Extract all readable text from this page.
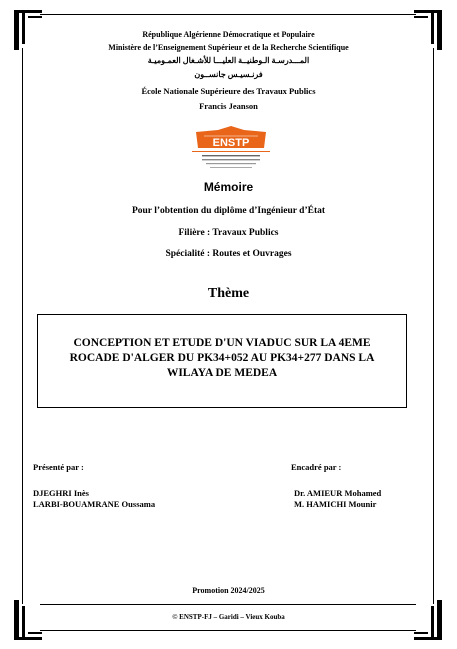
République Algérienne Démocratique et Populaire
Ministère de l’Enseignement Supérieur et de la Recherche Scientifique
المـــدرسـة الـوطنيــة العليـــا للأشـغال العمـوميـة
فرنـسيـس جانســون
École Nationale Supérieure des Travaux Publics
Francis Jeanson
ENSTP
Mémoire
Pour l’obtention du diplôme d’Ingénieur d’État
Filière : Travaux Publics
Spécialité : Routes et Ouvrages
Thème
CONCEPTION ET ETUDE D'UN VIADUC SUR LA 4EME ROCADE D'ALGER DU PK34+052 AU PK34+277 DANS LA WILAYA DE MEDEA
Présenté par :	Encadré par :
DJEGHRI Inès
LARBI-BOUAMRANE Oussama
Dr. AMIEUR Mohamed
M. HAMICHI Mounir
Promotion 2024/2025
© ENSTP-FJ – Garidi – Vieux Kouba
